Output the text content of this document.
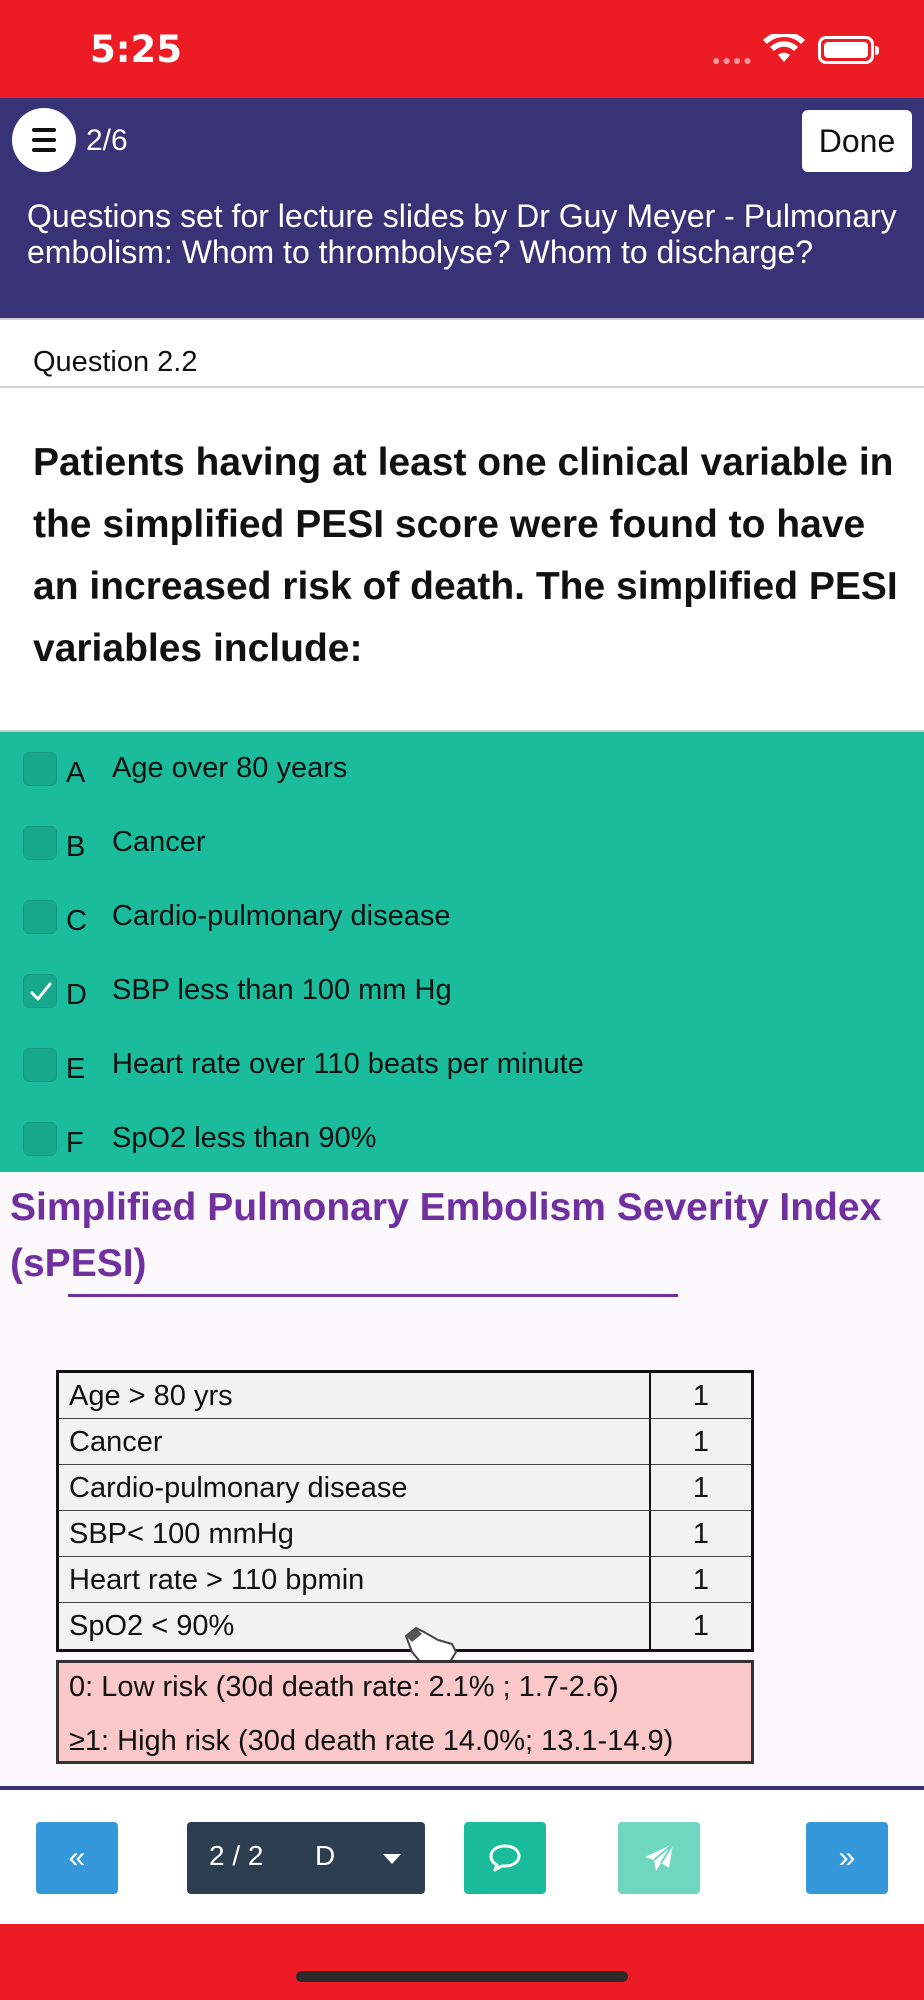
5:25	●●●●
2/6	Done
Questions set for lecture slides by Dr Guy Meyer - Pulmonary embolism: Whom to thrombolyse? Whom to discharge?
Question 2.2
Patients having at least one clinical variable in the simplified PESI score were found to have an increased risk of death. The simplified PESI variables include:
A Age over 80 years
B Cancer
C Cardio-pulmonary disease
D SBP less than 100 mm Hg
E Heart rate over 110 beats per minute
F SpO2 less than 90%
Simplified Pulmonary Embolism Severity Index (sPESI)
Age > 80 yrs	1
Cancer	1
Cardio-pulmonary disease	1
SBP< 100 mmHg	1
Heart rate > 110 bpmin	1
SpO2 < 90%	1
0: Low risk (30d death rate: 2.1% ; 1.7-2.6)
≥1: High risk (30d death rate 14.0%; 13.1-14.9)
«	2 / 2 D	»
